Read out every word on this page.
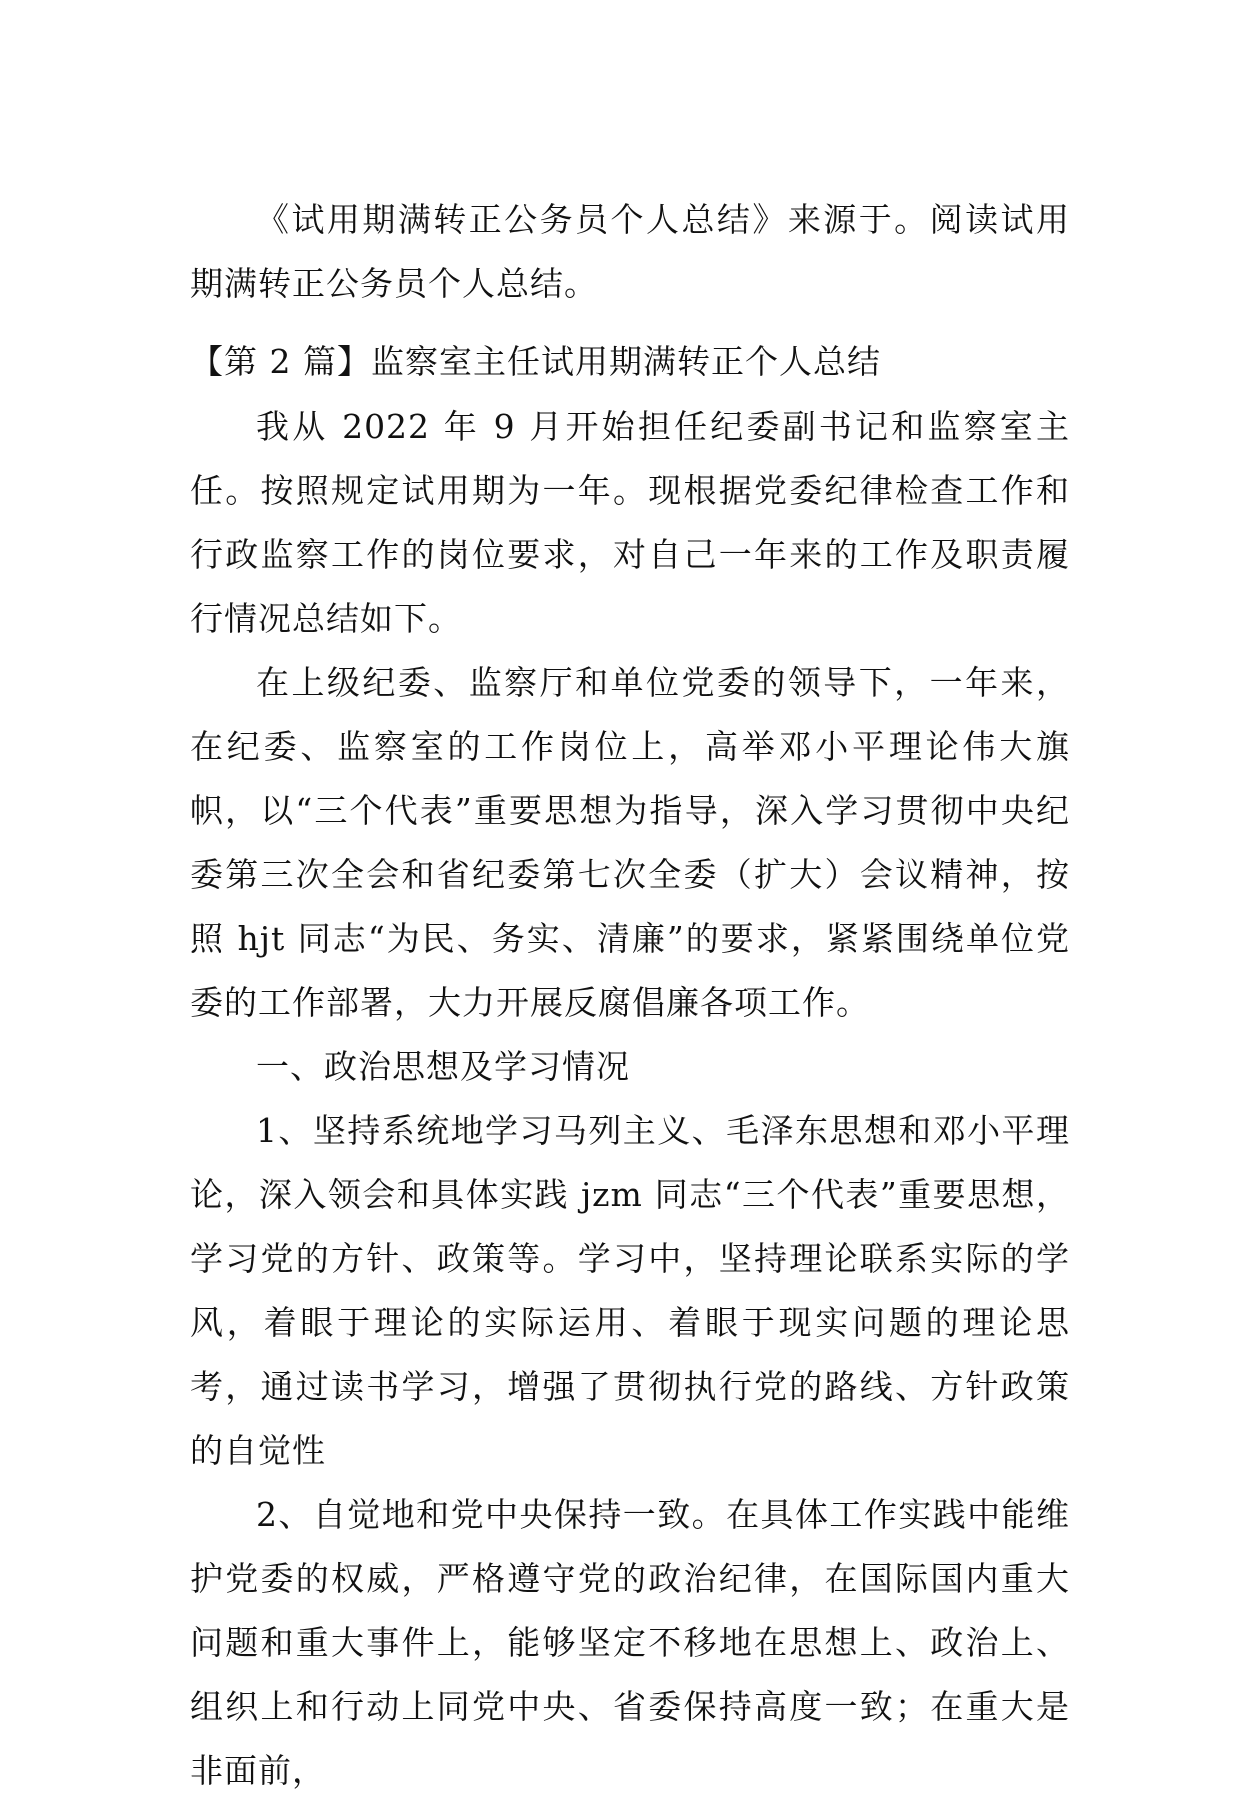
《试用期满转正公务员个人总结》来源于。阅读试用期满转正公务员个人总结。

【第 2 篇】监察室主任试用期满转正个人总结

我从 2022 年 9 月开始担任纪委副书记和监察室主任。按照规定试用期为一年。现根据党委纪律检查工作和行政监察工作的岗位要求，对自己一年来的工作及职责履行情况总结如下。

在上级纪委、监察厅和单位党委的领导下，一年来，在纪委、监察室的工作岗位上，高举邓小平理论伟大旗帜，以“三个代表”重要思想为指导，深入学习贯彻中央纪委第三次全会和省纪委第七次全委（扩大）会议精神，按照 hjt 同志“为民、务实、清廉”的要求，紧紧围绕单位党委的工作部署，大力开展反腐倡廉各项工作。

一、政治思想及学习情况

1、坚持系统地学习马列主义、毛泽东思想和邓小平理论，深入领会和具体实践 jzm 同志“三个代表”重要思想，学习党的方针、政策等。学习中，坚持理论联系实际的学风，着眼于理论的实际运用、着眼于现实问题的理论思考，通过读书学习，增强了贯彻执行党的路线、方针政策的自觉性

2、自觉地和党中央保持一致。在具体工作实践中能维护党委的权威，严格遵守党的政治纪律，在国际国内重大问题和重大事件上，能够坚定不移地在思想上、政治上、组织上和行动上同党中央、省委保持高度一致；在重大是非面前，
